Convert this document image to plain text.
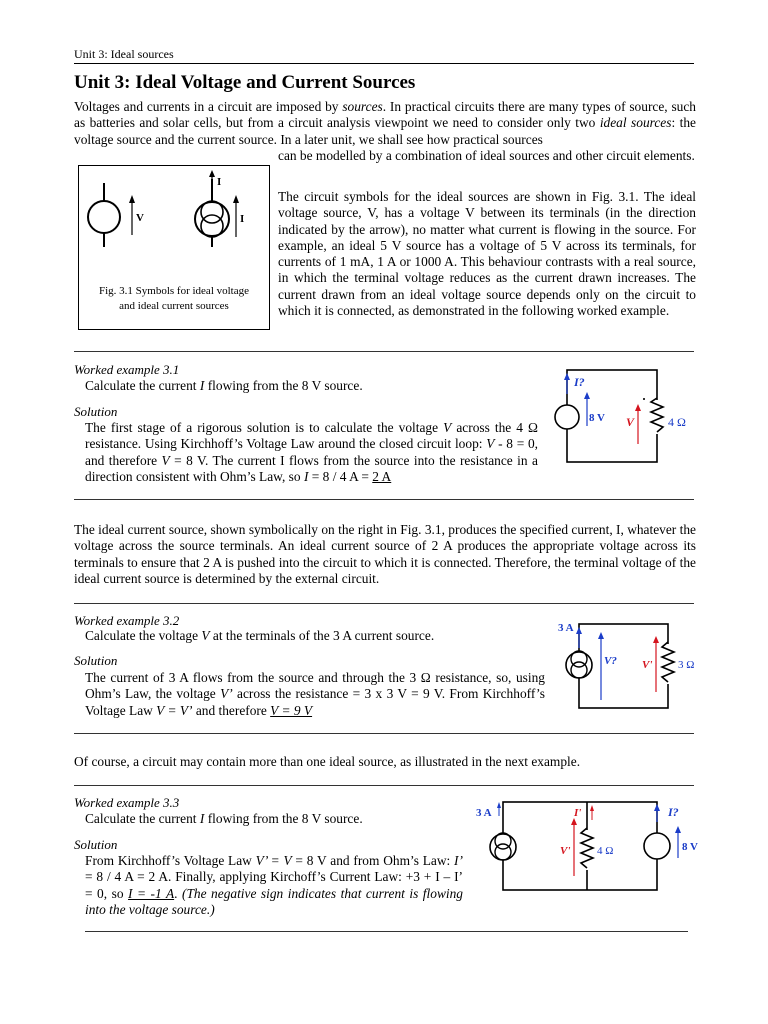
Unit 3: Ideal sources
Unit 3: Ideal Voltage and Current Sources

Voltages and currents in a circuit are imposed by sources. In practical circuits there are many types of source, such as batteries and solar cells, but from a circuit analysis viewpoint we need to consider only two ideal sources: the voltage source and the current source. In a later unit, we shall see how practical sources

can be modelled by a combination of ideal sources and other circuit elements.

V
I
I
Fig. 3.1 Symbols for ideal voltage and ideal current sources

The circuit symbols for the ideal sources are shown in Fig. 3.1. The ideal voltage source, V, has a voltage V between its terminals (in the direction indicated by the arrow), no matter what current is flowing in the source. For example, an ideal 5 V source has a voltage of 5 V across its terminals, for currents of 1 mA, 1 A or 1000 A. This behaviour contrasts with a real source, in which the terminal voltage reduces as the current drawn increases. The current drawn from an ideal voltage source depends only on the circuit to which it is connected, as demonstrated in the following worked example.

Worked example 3.1
Calculate the current I flowing from the 8 V source.
Solution

The first stage of a rigorous solution is to calculate the voltage V across the 4 Ω resistance. Using Kirchhoff’s Voltage Law around the closed circuit loop: V - 8 = 0, and therefore V = 8 V. The current I flows from the source into the resistance in a direction consistent with Ohm’s Law, so I = 8 / 4 A = 2 A

8 V
I?
V	4 Ω

The ideal current source, shown symbolically on the right in Fig. 3.1, produces the specified current, I, whatever the voltage across the source terminals. An ideal current source of 2 A produces the appropriate voltage across its terminals to ensure that 2 A is pushed into the circuit to which it is connected. Therefore, the terminal voltage of the ideal current source is determined by the external circuit.

Worked example 3.2
Calculate the voltage V at the terminals of the 3 A current source.
Solution

The current of 3 A flows from the source and through the 3 Ω resistance, so, using Ohm’s Law, the voltage V’ across the resistance = 3 x 3 V = 9 V. From Kirchhoff’s Voltage Law V = V’ and therefore V = 9 V

3 A
V? V' 3 Ω

Of course, a circuit may contain more than one ideal source, as illustrated in the next example.

Worked example 3.3
Calculate the current I flowing from the 8 V source.
Solution

From Kirchhoff’s Voltage Law V’ = V = 8 V and from Ohm’s Law: I’ = 8 / 4 A = 2 A. Finally, applying Kirchoff’s Current Law: +3 + I – I’ = 0, so I = -1 A. (The negative sign indicates that current is flowing into the voltage source.)

3 A
V'
I'
4 Ω	8 V
I?
